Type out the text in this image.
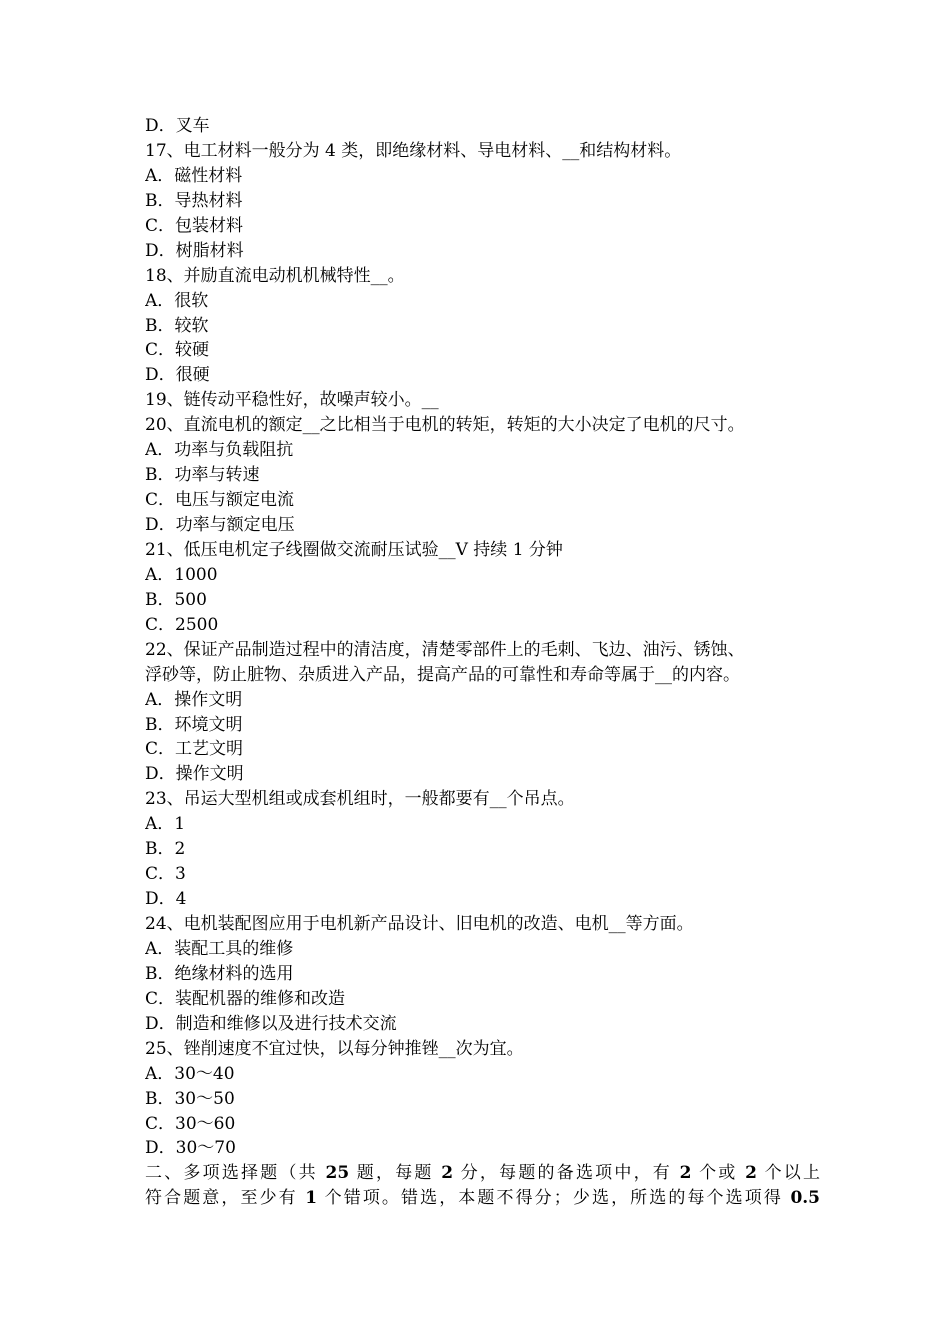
D．叉车
17、电工材料一般分为 4 类，即绝缘材料、导电材料、__和结构材料。
A．磁性材料
B．导热材料
C．包装材料
D．树脂材料
18、并励直流电动机机械特性__。
A．很软
B．较软
C．较硬
D．很硬
19、链传动平稳性好，故噪声较小。__
20、直流电机的额定__之比相当于电机的转矩，转矩的大小决定了电机的尺寸。
A．功率与负载阻抗
B．功率与转速
C．电压与额定电流
D．功率与额定电压
21、低压电机定子线圈做交流耐压试验__V 持续 1 分钟
A．1000
B．500
C．2500
22、保证产品制造过程中的清洁度，清楚零部件上的毛刺、飞边、油污、锈蚀、
浮砂等，防止脏物、杂质进入产品，提高产品的可靠性和寿命等属于__的内容。
A．操作文明
B．环境文明
C．工艺文明
D．操作文明
23、吊运大型机组或成套机组时，一般都要有__个吊点。
A．1
B．2
C．3
D．4
24、电机装配图应用于电机新产品设计、旧电机的改造、电机__等方面。
A．装配工具的维修
B．绝缘材料的选用
C．装配机器的维修和改造
D．制造和维修以及进行技术交流
25、锉削速度不宜过快，以每分钟推锉__次为宜。
A．30～40
B．30～50
C．30～60
D．30～70
二、多项选择题（共 25 题，每题 2 分，每题的备选项中，有 2 个或 2 个以上
符合题意，至少有 1 个错项。错选，本题不得分；少选，所选的每个选项得 0.5
